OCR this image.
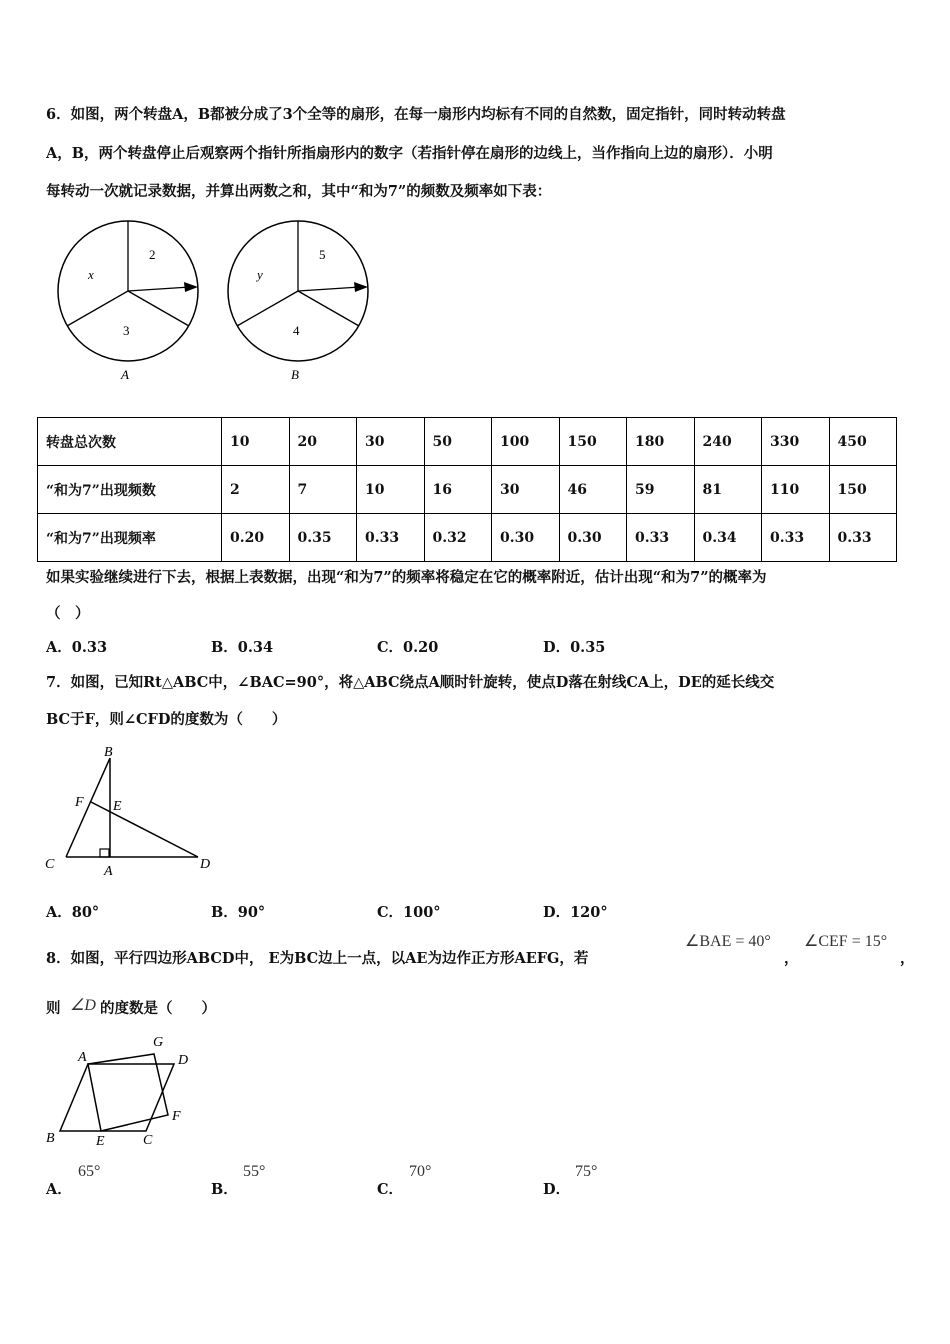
6．如图，两个转盘A，B都被分成了3个全等的扇形，在每一扇形内均标有不同的自然数，固定指针，同时转动转盘
A，B，两个转盘停止后观察两个指针所指扇形内的数字（若指针停在扇形的边线上，当作指向上边的扇形）．小明
每转动一次就记录数据，并算出两数之和，其中“和为7”的频数及频率如下表：
x
2
3
A
y
5
4
B
转盘总次数	10	20	30	50	100	150	180	240	330	450
“和为7”出现频数	2	7	10	16	30	46	59	81	110	150
“和为7”出现频率	0.20	0.35	0.33	0.32	0.30	0.30	0.33	0.34	0.33	0.33
如果实验继续进行下去，根据上表数据，出现“和为7”的频率将稳定在它的概率附近，估计出现“和为7”的概率为
（　）
A．0.33	B．0.34	C．0.20	D．0.35
7．如图，已知Rt△ABC中，∠BAC=90°，将△ABC绕点A顺时针旋转，使点D落在射线CA上，DE的延长线交
BC于F，则∠CFD的度数为（　　）
B
F E
C	A	D
A．80°	B．90°	C．100°	D．120°
8．如图，平行四边形ABCD中， E为BC边上一点，以AE为边作正方形AEFG，若
∠BAE = 40°
，
∠CEF = 15°
，
则 ∠D 的度数是（　　）
A
G
D
F
B	E	C
A．
65°
B．
55°
C．
70°
D．
75°
